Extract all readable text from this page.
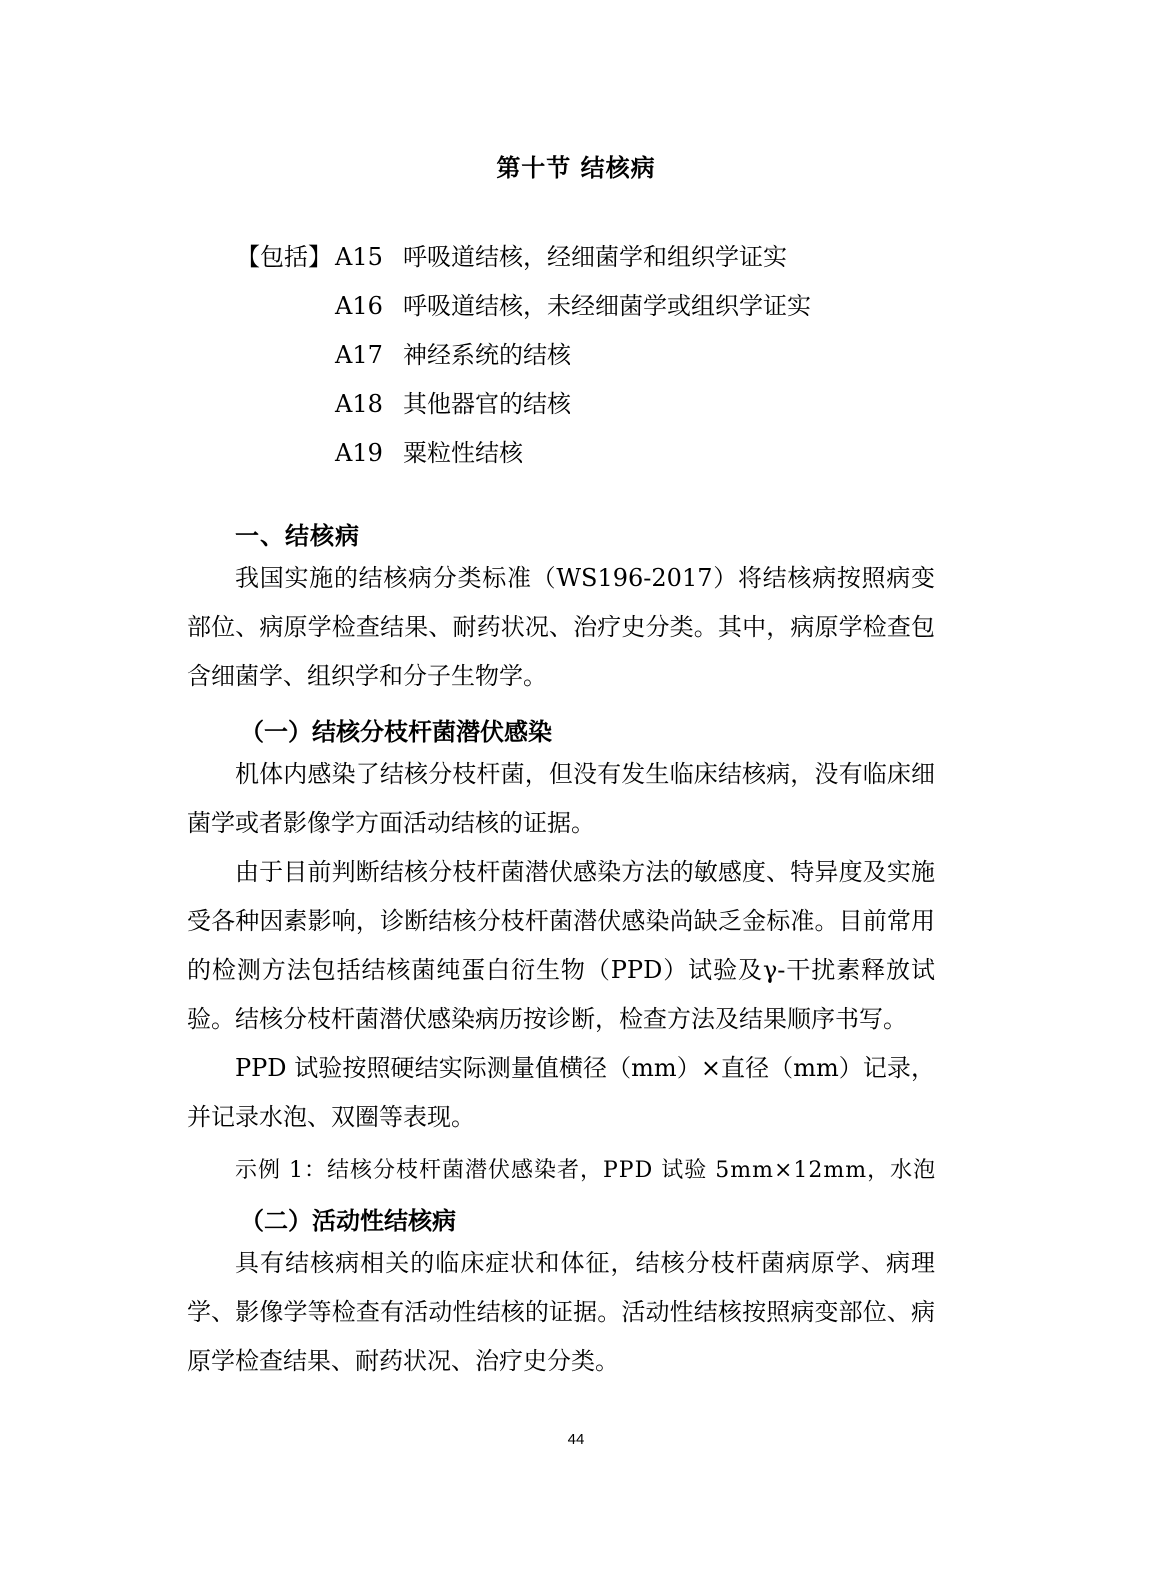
第十节 结核病
【包括】 A15 呼吸道结核，经细菌学和组织学证实
A16 呼吸道结核，未经细菌学或组织学证实
A17 神经系统的结核
A18 其他器官的结核
A19 粟粒性结核
一、结核病

我国实施的结核病分类标准（WS196-2017）将结核病按照病变部位、病原学检查结果、耐药状况、治疗史分类。其中，病原学检查包含细菌学、组织学和分子生物学。

（一）结核分枝杆菌潜伏感染

机体内感染了结核分枝杆菌，但没有发生临床结核病，没有临床细菌学或者影像学方面活动结核的证据。

由于目前判断结核分枝杆菌潜伏感染方法的敏感度、特异度及实施受各种因素影响，诊断结核分枝杆菌潜伏感染尚缺乏金标准。目前常用的检测方法包括结核菌纯蛋白衍生物（PPD）试验及γ-干扰素释放试验。 结核分枝杆菌潜伏感染病历按诊断，检查方法及结果顺序书写。

PPD 试验按照硬结实际测量值横径（mm）×直径（mm）记录，并记录水泡、双圈等表现。

示例 1：结核分枝杆菌潜伏感染者，PPD 试验 5mm×12mm，水泡
（二）活动性结核病

具有结核病相关的临床症状和体征，结核分枝杆菌病原学、病理学、影像学等检查有活动性结核的证据。活动性结核按照病变部位、病原学检查结果、耐药状况、治疗史分类。

44
